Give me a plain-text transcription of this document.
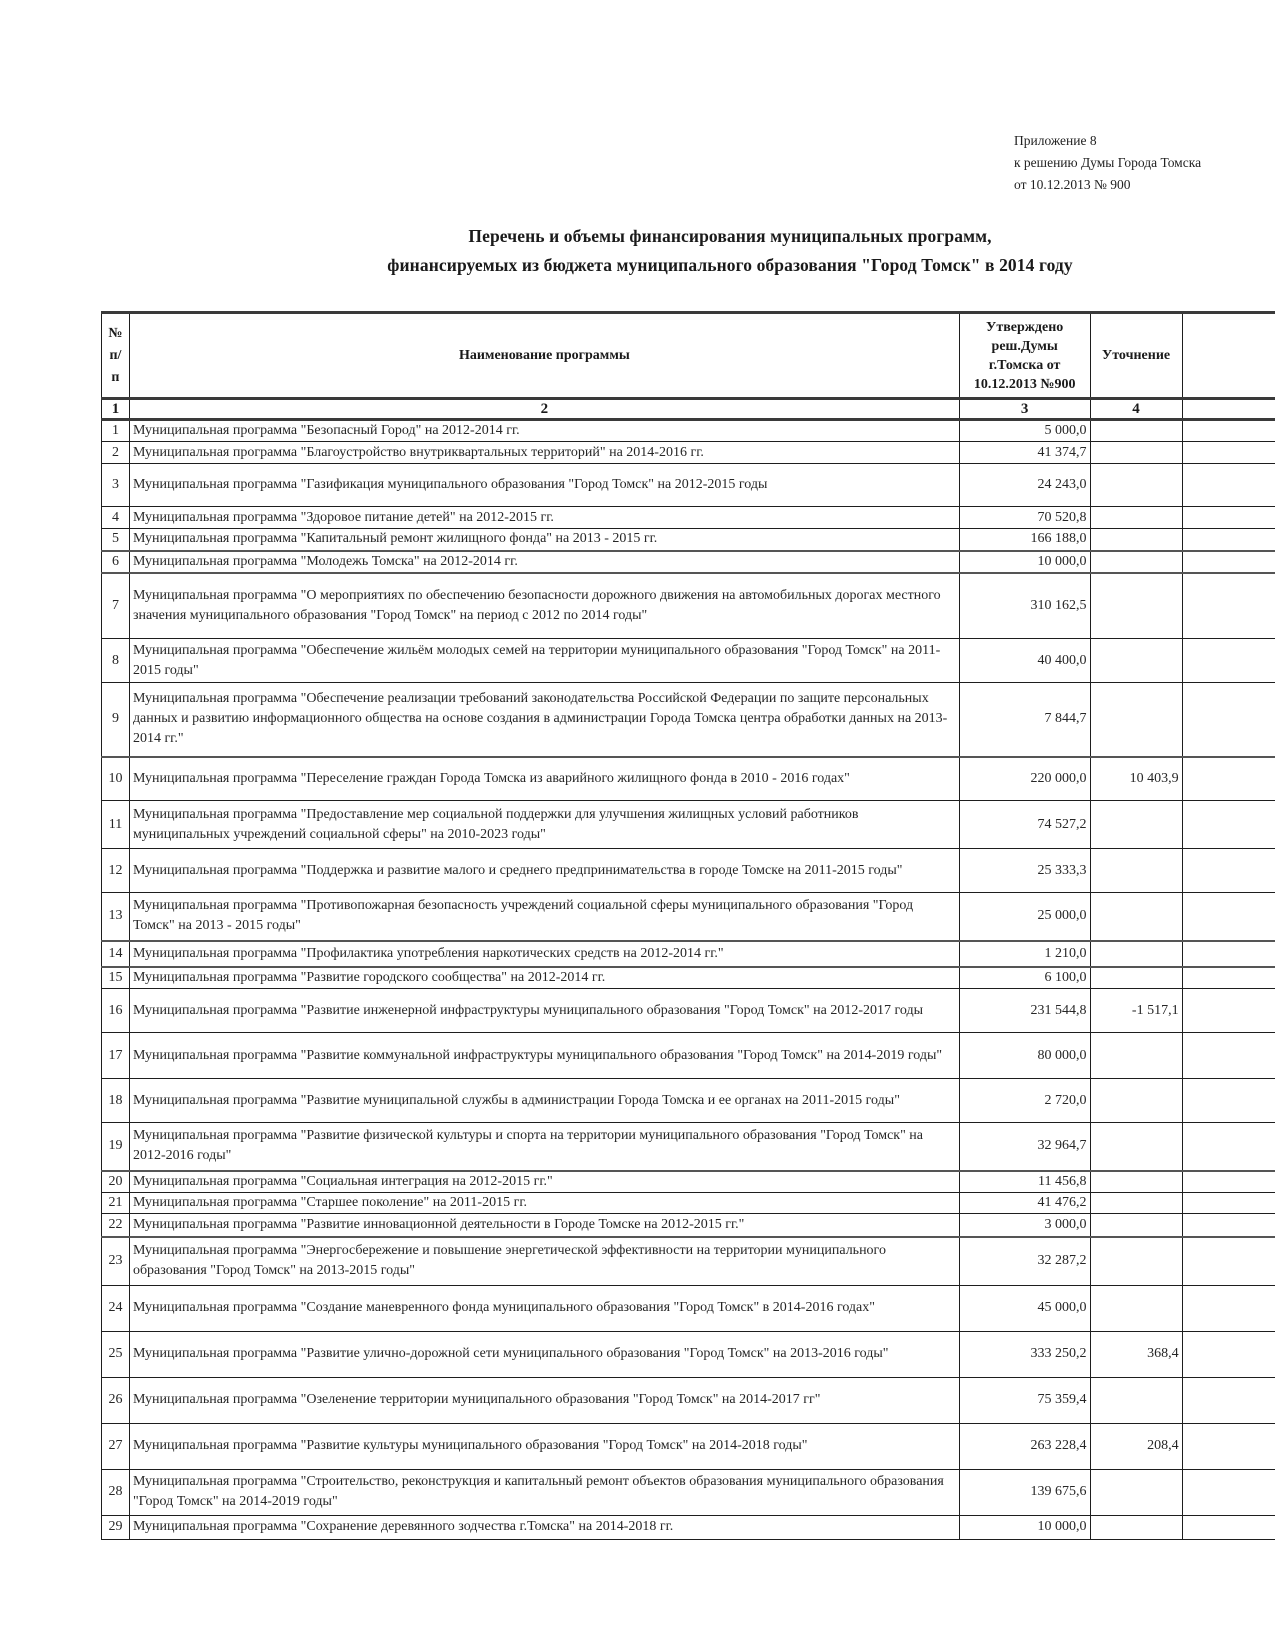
Приложение 8
к решению Думы Города Томска
от 10.12.2013 № 900
Перечень и объемы финансирования муниципальных программ,
финансируемых из бюджета муниципального образования "Город Томск" в 2014 году
№
п/
п
	Наименование программы	
Утверждено
реш.Думы
г.Томска от
10.12.2013 №900
	Уточнение	
1	2	3	4	
1	Муниципальная программа "Безопасный Город" на 2012-2014 гг.	5 000,0		
2	Муниципальная программа "Благоустройство внутриквартальных территорий" на 2014-2016 гг.	41 374,7		
3	Муниципальная программа "Газификация муниципального образования "Город Томск" на 2012-2015 годы	24 243,0		
4	Муниципальная программа "Здоровое питание детей" на 2012-2015 гг.	70 520,8		
5	Муниципальная программа "Капитальный ремонт жилищного фонда" на 2013 - 2015 гг.	166 188,0		
6	Муниципальная программа "Молодежь Томска" на 2012-2014 гг.	10 000,0		
7	Муниципальная программа "О мероприятиях по обеспечению безопасности дорожного движения на автомобильных дорогах местного значения муниципального образования "Город Томск" на период с 2012 по 2014 годы"	310 162,5		
8	Муниципальная программа "Обеспечение жильём молодых семей на территории муниципального образования "Город Томск" на 2011-2015 годы"	40 400,0		
9	Муниципальная программа "Обеспечение реализации требований законодательства Российской Федерации по защите персональных данных и развитию информационного общества на основе создания в администрации Города Томска центра обработки данных на 2013-2014 гг."	7 844,7		
10	Муниципальная программа "Переселение граждан Города Томска из аварийного жилищного фонда в 2010 - 2016 годах"	220 000,0	10 403,9	
11	Муниципальная программа "Предоставление мер социальной поддержки для улучшения жилищных условий работников муниципальных учреждений социальной сферы" на 2010-2023 годы"	74 527,2		
12	Муниципальная программа "Поддержка и развитие малого и среднего предпринимательства в городе Томске на 2011-2015 годы"	25 333,3		
13	Муниципальная программа "Противопожарная безопасность учреждений социальной сферы муниципального образования "Город Томск" на 2013 - 2015 годы"	25 000,0		
14	Муниципальная программа "Профилактика употребления наркотических средств на 2012-2014 гг."	1 210,0		
15	Муниципальная программа "Развитие городского сообщества" на 2012-2014 гг.	6 100,0		
16	Муниципальная программа "Развитие инженерной инфраструктуры муниципального образования "Город Томск" на 2012-2017 годы	231 544,8	-1 517,1	
17	Муниципальная программа "Развитие коммунальной инфраструктуры муниципального образования "Город Томск" на 2014-2019 годы"	80 000,0		
18	Муниципальная программа "Развитие муниципальной службы в администрации Города Томска и ее органах на 2011-2015 годы"	2 720,0		
19	Муниципальная программа "Развитие физической культуры и спорта на территории муниципального образования "Город Томск" на 2012-2016 годы"	32 964,7		
20	Муниципальная программа "Социальная интеграция на 2012-2015 гг."	11 456,8		
21	Муниципальная программа "Старшее поколение" на 2011-2015 гг.	41 476,2		
22	Муниципальная программа "Развитие инновационной деятельности в Городе Томске на 2012-2015 гг."	3 000,0		
23	Муниципальная программа "Энергосбережение и повышение энергетической эффективности на территории муниципального образования "Город Томск" на 2013-2015 годы"	32 287,2		
24	Муниципальная программа "Создание маневренного фонда муниципального образования "Город Томск" в 2014-2016 годах"	45 000,0		
25	Муниципальная программа "Развитие улично-дорожной сети муниципального образования "Город Томск" на 2013-2016 годы"	333 250,2	368,4	
26	Муниципальная программа "Озеленение территории муниципального образования "Город Томск" на 2014-2017 гг"	75 359,4		
27	Муниципальная программа "Развитие культуры муниципального образования "Город Томск" на 2014-2018 годы"	263 228,4	208,4	
28	Муниципальная программа "Строительство, реконструкция и капитальный ремонт объектов образования муниципального образования "Город Томск" на 2014-2019 годы"	139 675,6		
29	Муниципальная программа "Сохранение деревянного зодчества г.Томска" на 2014-2018 гг.	10 000,0		
